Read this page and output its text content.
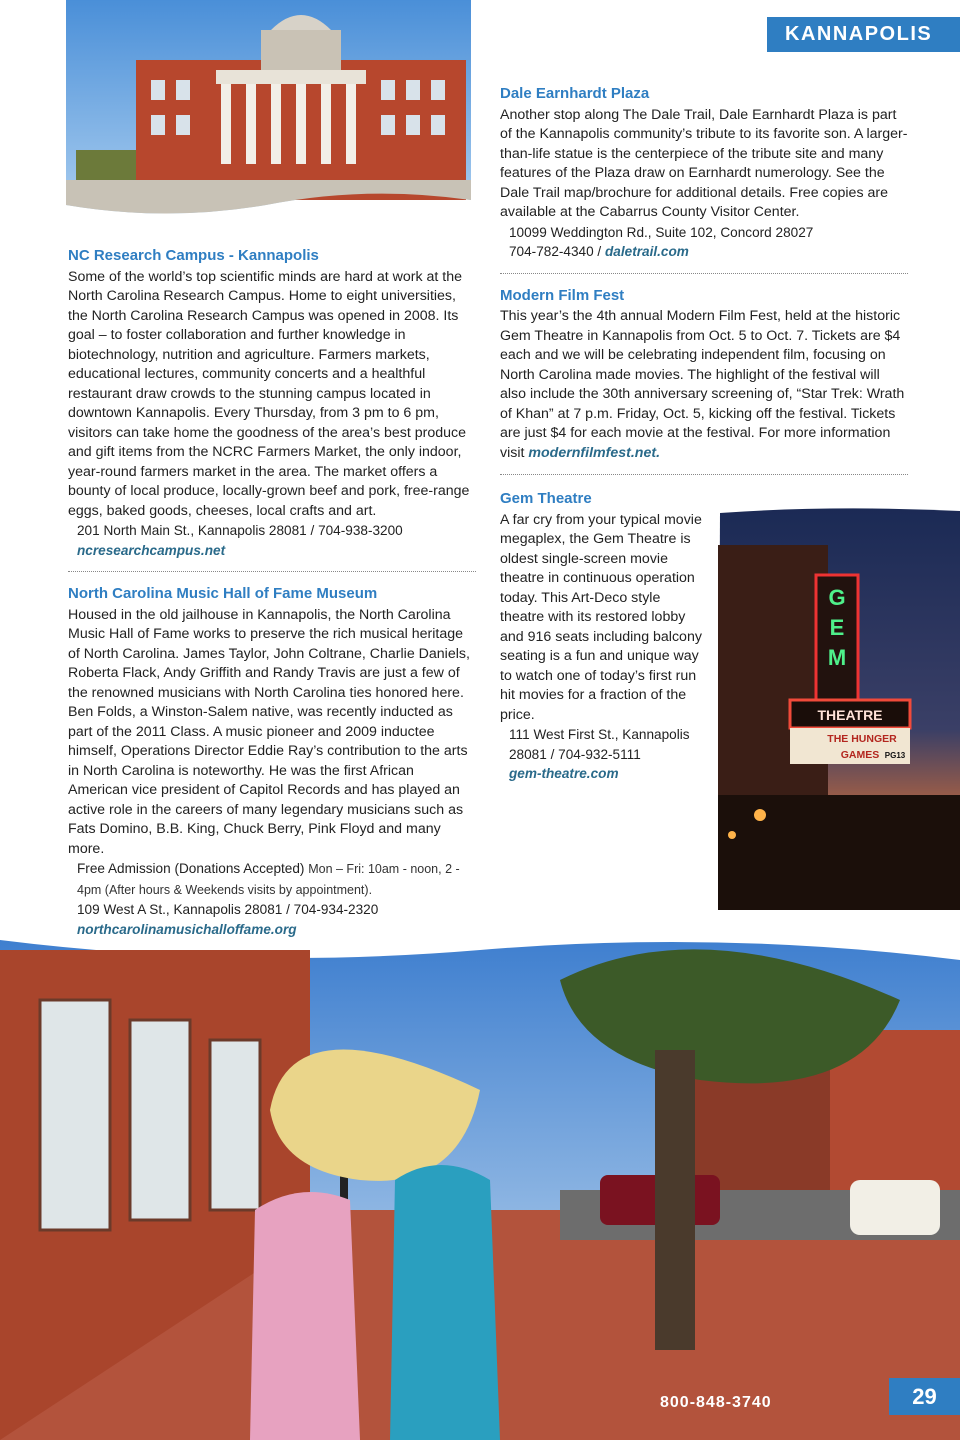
KANNAPOLIS
NC Research Campus - Kannapolis

Some of the world’s top scientific minds are hard at work at the North Carolina Research Campus. Home to eight universities, the North Carolina Research Campus was opened in 2008. Its goal – to foster collaboration and further knowledge in biotechnology, nutrition and agriculture. Farmers markets, educational lectures, community concerts and a healthful restaurant draw crowds to the stunning campus located in downtown Kannapolis. Every Thursday, from 3 pm to 6 pm, visitors can take home the goodness of the area’s best produce and gift items from the NCRC Farmers Market, the only indoor, year-round farmers market in the area. The market offers a bounty of local produce, locally-grown beef and pork, free-range eggs, baked goods, cheeses, local crafts and art.

201 North Main St., Kannapolis 28081 / 704-938-3200
ncresearchcampus.net
North Carolina Music Hall of Fame Museum

Housed in the old jailhouse in Kannapolis, the North Carolina Music Hall of Fame works to preserve the rich musical heritage of North Carolina. James Taylor, John Coltrane, Charlie Daniels, Roberta Flack, Andy Griffith and Randy Travis are just a few of the renowned musicians with North Carolina ties honored here. Ben Folds, a Winston-Salem native, was recently inducted as part of the 2011 Class. A music pioneer and 2009 inductee himself, Operations Director Eddie Ray’s contribution to the arts in North Carolina is noteworthy. He was the first African American vice president of Capitol Records and has played an active role in the careers of many legendary musicians such as Fats Domino, B.B. King, Chuck Berry, Pink Floyd and many more.

Free Admission (Donations Accepted) Mon – Fri: 10am - noon, 2 - 4pm (After hours & Weekends visits by appointment).
109 West A St., Kannapolis 28081 / 704-934-2320
northcarolinamusichalloffame.org
Dale Earnhardt Plaza

Another stop along The Dale Trail, Dale Earnhardt Plaza is part of the Kannapolis community’s tribute to its favorite son. A larger-than-life statue is the centerpiece of the tribute site and many features of the Plaza draw on Earnhardt numerology. See the Dale Trail map/brochure for additional details. Free copies are available at the Cabarrus County Visitor Center.

10099 Weddington Rd., Suite 102, Concord 28027
704-782-4340 / daletrail.com
Modern Film Fest

This year’s the 4th annual Modern Film Fest, held at the historic Gem Theatre in Kannapolis from Oct. 5 to Oct. 7. Tickets are $4 each and we will be celebrating independent film, focusing on North Carolina made movies. The highlight of the festival will also include the 30th anniversary screening of, “Star Trek: Wrath of Khan” at 7 p.m. Friday, Oct. 5, kicking off the festival. Tickets are just $4 for each movie at the festival. For more information visit modernfilmfest.net.

Gem Theatre

A far cry from your typical movie megaplex, the Gem Theatre is oldest single-screen movie theatre in continuous operation today. This Art-Deco style theatre with its restored lobby and 916 seats including balcony seating is a fun and unique way to watch one of today’s first run hit movies for a fraction of the price.

111 West First St., Kannapolis 28081 / 704-932-5111
gem-theatre.com
G
E
M
THEATRE
THE HUNGER
GAMES PG13
800-848-3740	29
